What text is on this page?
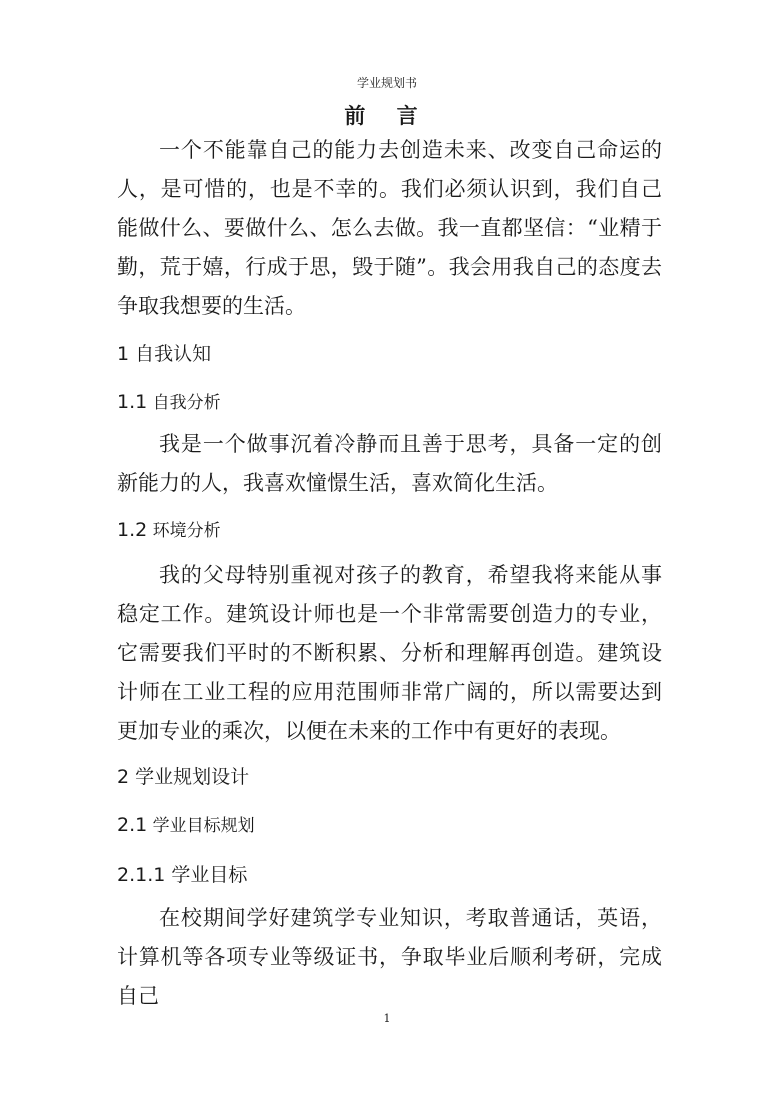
学业规划书
前 言

一个不能靠自己的能力去创造未来、改变自己命运的人，是可惜的，也是不幸的。我们必须认识到，我们自己能做什么、要做什么、怎么去做。我一直都坚信：“业精于勤，荒于嬉，行成于思，毁于随”。我会用我自己的态度去争取我想要的生活。

1 自我认知
1.1 自我分析

我是一个做事沉着冷静而且善于思考，具备一定的创新能力的人，我喜欢憧憬生活，喜欢简化生活。

1.2 环境分析

我的父母特别重视对孩子的教育，希望我将来能从事稳定工作。建筑设计师也是一个非常需要创造力的专业，它需要我们平时的不断积累、分析和理解再创造。建筑设计师在工业工程的应用范围师非常广阔的，所以需要达到更加专业的乘次，以便在未来的工作中有更好的表现。

2 学业规划设计
2.1 学业目标规划
2.1.1 学业目标

在校期间学好建筑学专业知识，考取普通话，英语，计算机等各项专业等级证书，争取毕业后顺利考研，完成自己

1
